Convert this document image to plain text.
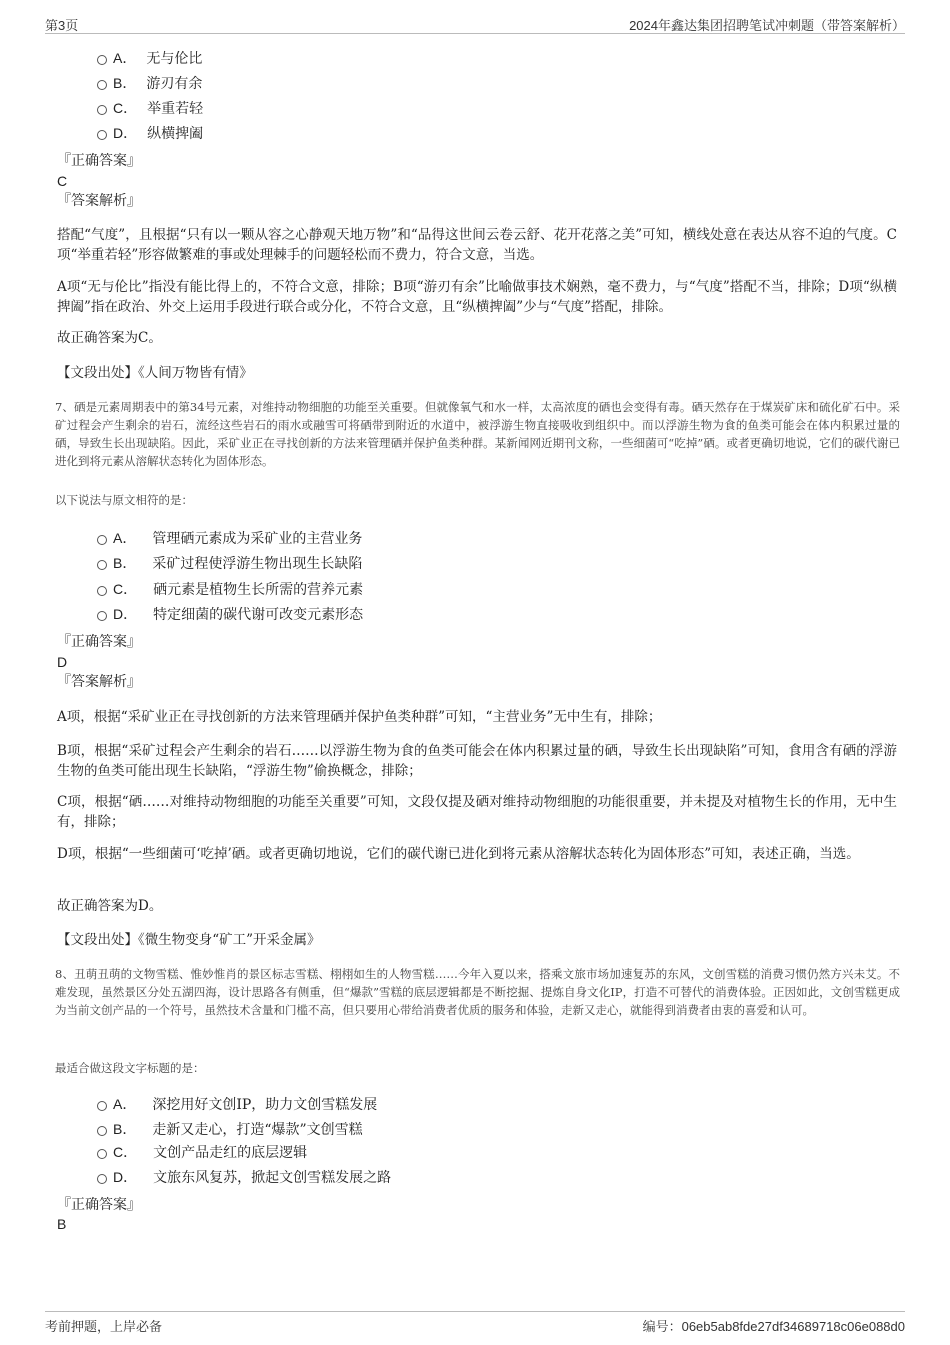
第3页	2024年鑫达集团招聘笔试冲刺题（带答案解析）
A． 无与伦比
B． 游刃有余
C． 举重若轻
D． 纵横捭阖
『正确答案』
C
『答案解析』
搭配“气度”，且根据“只有以一颗从容之心静观天地万物”和“品得这世间云卷云舒、花开花落之美”可知，横线处意在表达从容不迫的气度。C项“举重若轻”形容做繁难的事或处理棘手的问题轻松而不费力，符合文意，当选。
A项“无与伦比”指没有能比得上的，不符合文意，排除；B项“游刃有余”比喻做事技术娴熟，毫不费力，与“气度”搭配不当，排除；D项“纵横捭阖”指在政治、外交上运用手段进行联合或分化，不符合文意，且“纵横捭阖”少与“气度”搭配，排除。
故正确答案为C。
【文段出处】《人间万物皆有情》
7、硒是元素周期表中的第34号元素，对维持动物细胞的功能至关重要。但就像氧气和水一样，太高浓度的硒也会变得有毒。硒天然存在于煤炭矿床和硫化矿石中。采矿过程会产生剩余的岩石，流经这些岩石的雨水或融雪可将硒带到附近的水道中，被浮游生物直接吸收到组织中。而以浮游生物为食的鱼类可能会在体内积累过量的硒，导致生长出现缺陷。因此，采矿业正在寻找创新的方法来管理硒并保护鱼类种群。某新闻网近期刊文称，一些细菌可“吃掉”硒。或者更确切地说，它们的碳代谢已进化到将元素从溶解状态转化为固体形态。
以下说法与原文相符的是：
A． 管理硒元素成为采矿业的主营业务
B． 采矿过程使浮游生物出现生长缺陷
C． 硒元素是植物生长所需的营养元素
D． 特定细菌的碳代谢可改变元素形态
『正确答案』
D
『答案解析』
A项，根据“采矿业正在寻找创新的方法来管理硒并保护鱼类种群”可知，“主营业务”无中生有，排除；
B项，根据“采矿过程会产生剩余的岩石……以浮游生物为食的鱼类可能会在体内积累过量的硒，导致生长出现缺陷”可知，食用含有硒的浮游生物的鱼类可能出现生长缺陷，“浮游生物”偷换概念，排除；
C项，根据“硒……对维持动物细胞的功能至关重要”可知，文段仅提及硒对维持动物细胞的功能很重要，并未提及对植物生长的作用，无中生有，排除；
D项，根据“一些细菌可‘吃掉’硒。或者更确切地说，它们的碳代谢已进化到将元素从溶解状态转化为固体形态”可知，表述正确，当选。
故正确答案为D。
【文段出处】《微生物变身“矿工”开采金属》
8、丑萌丑萌的文物雪糕、惟妙惟肖的景区标志雪糕、栩栩如生的人物雪糕……今年入夏以来，搭乘文旅市场加速复苏的东风，文创雪糕的消费习惯仍然方兴未艾。不难发现，虽然景区分处五湖四海，设计思路各有侧重，但“爆款”雪糕的底层逻辑都是不断挖掘、提炼自身文化IP，打造不可替代的消费体验。正因如此，文创雪糕更成为当前文创产品的一个符号，虽然技术含量和门槛不高，但只要用心带给消费者优质的服务和体验，走新又走心，就能得到消费者由衷的喜爱和认可。
最适合做这段文字标题的是：
A． 深挖用好文创IP，助力文创雪糕发展
B． 走新又走心，打造“爆款”文创雪糕
C． 文创产品走红的底层逻辑
D． 文旅东风复苏，掀起文创雪糕发展之路
『正确答案』
B
考前押题，上岸必备	编号：06eb5ab8fde27df34689718c06e088d0
